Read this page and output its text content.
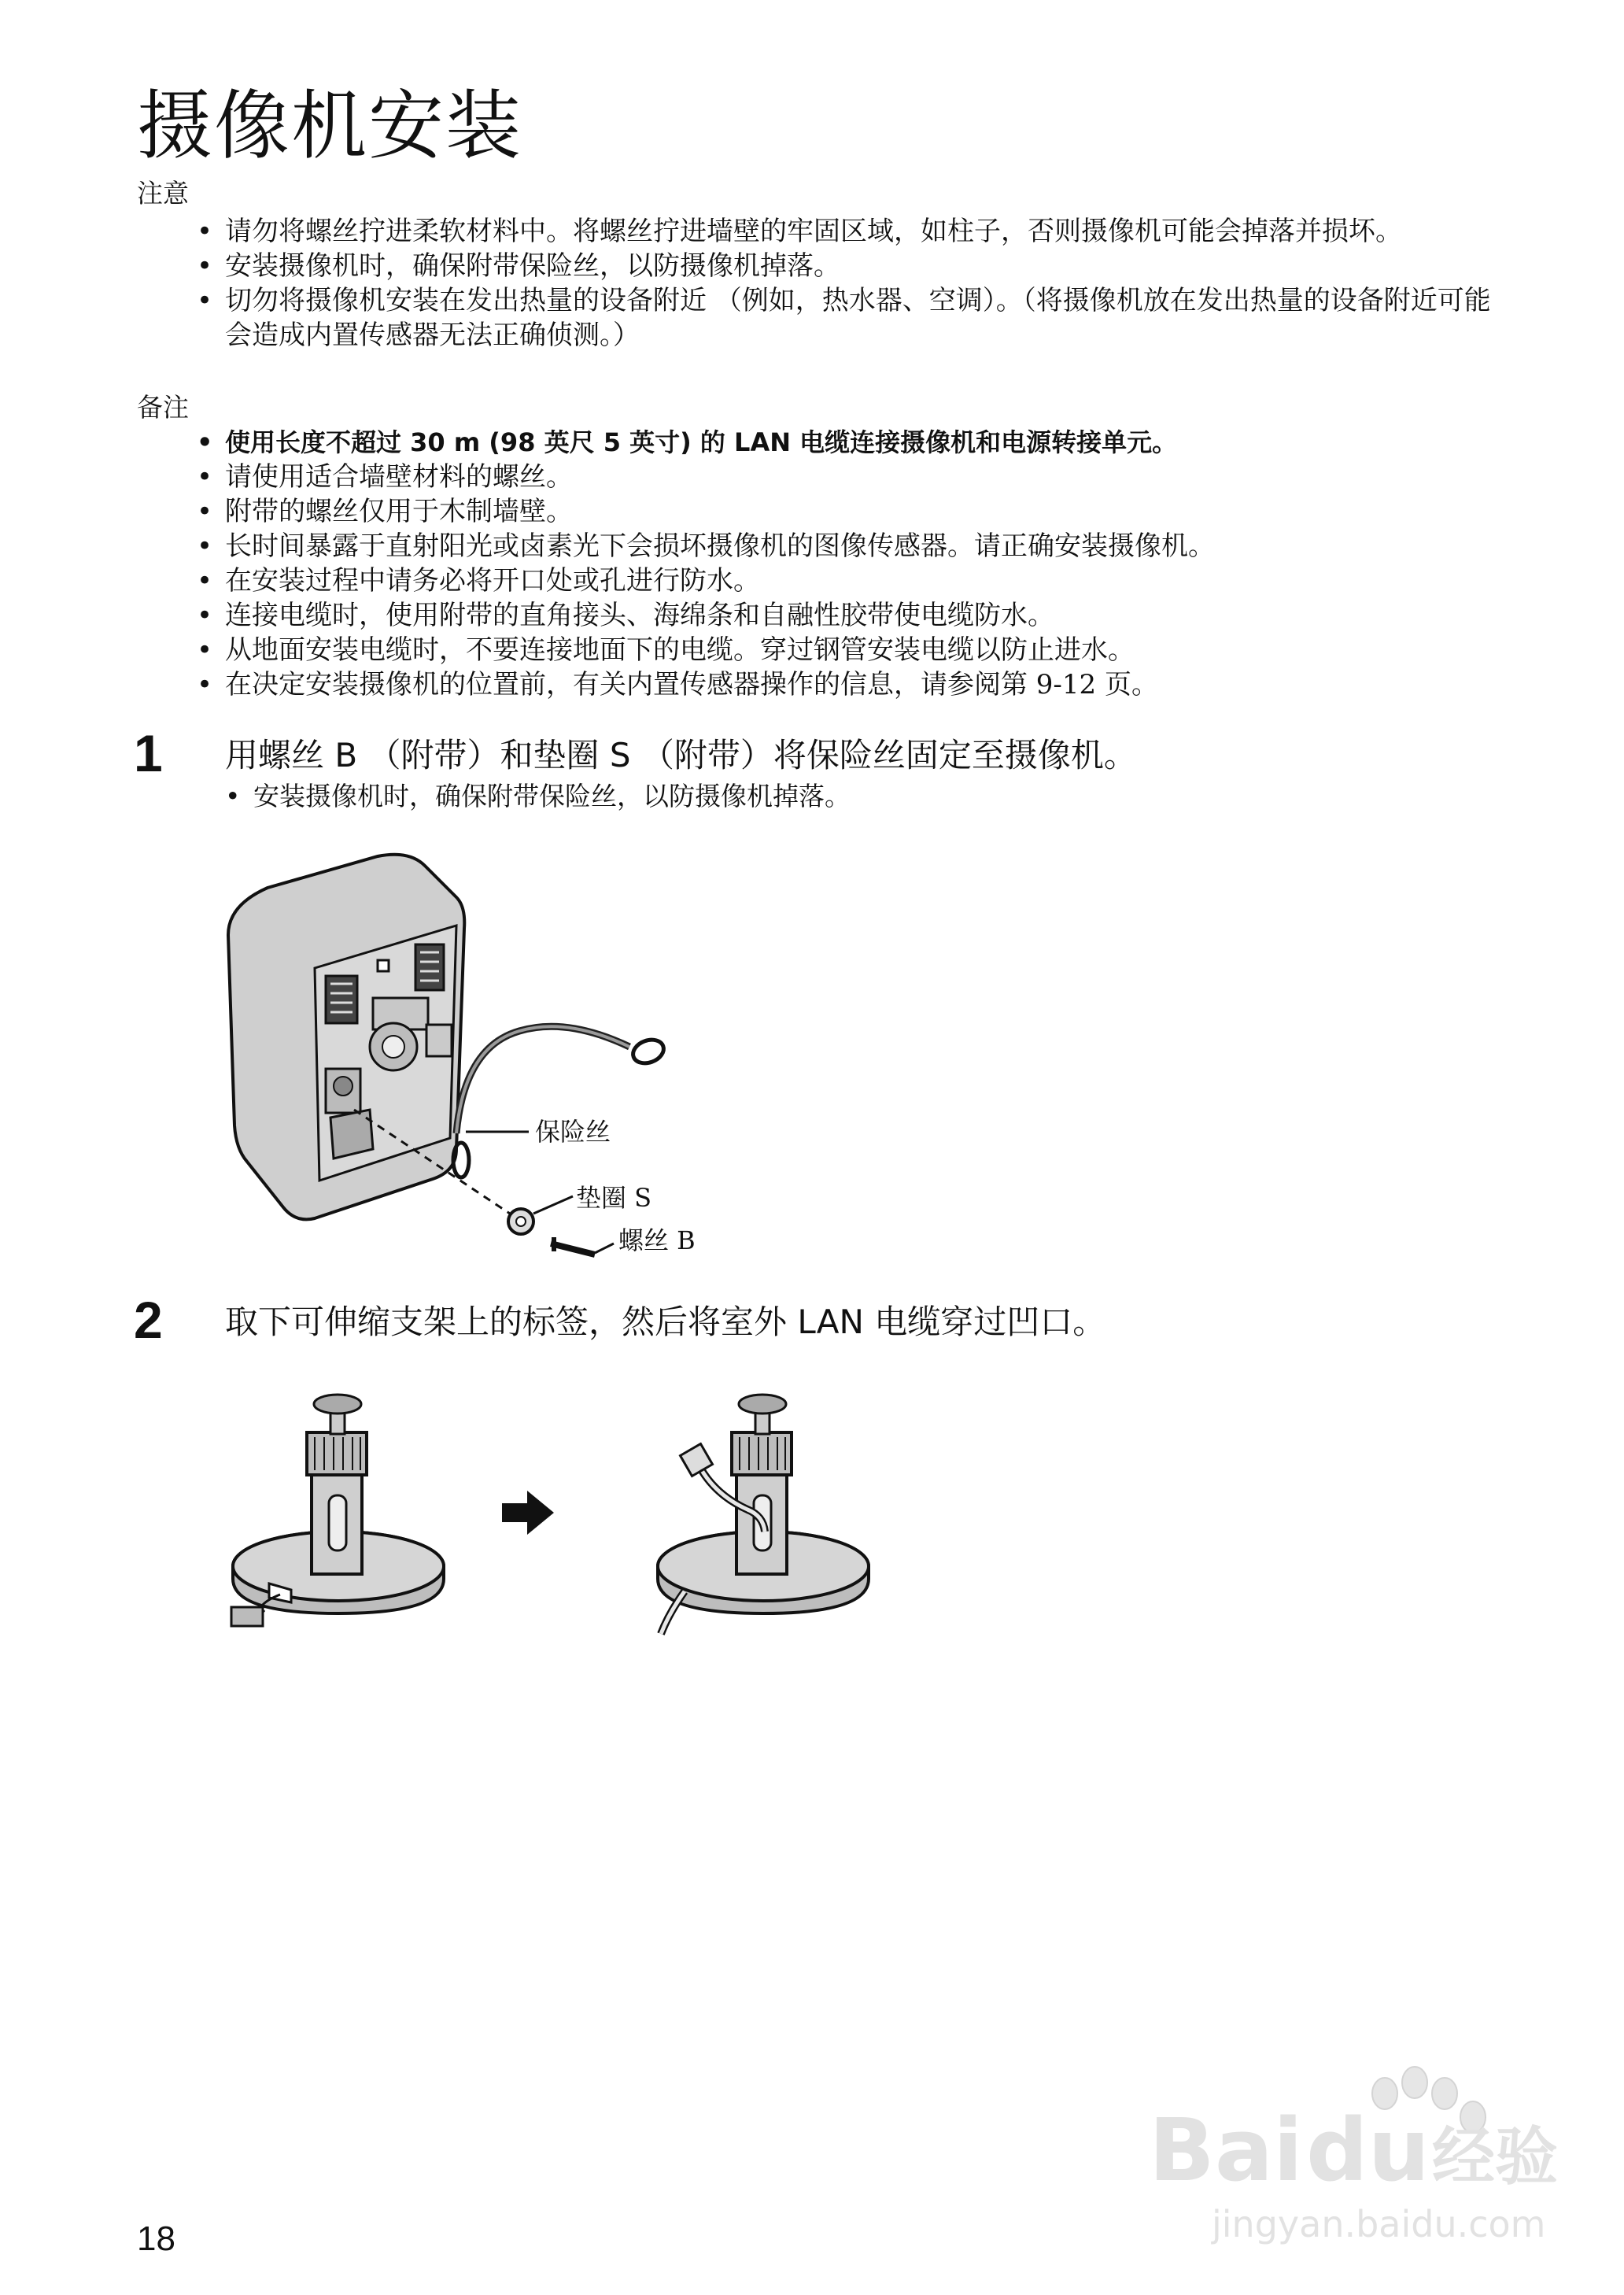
摄像机安装
注意
• 请勿将螺丝拧进柔软材料中。将螺丝拧进墙壁的牢固区域，如柱子，否则摄像机可能会掉落并损坏。
• 安装摄像机时，确保附带保险丝，以防摄像机掉落。
• 切勿将摄像机安装在发出热量的设备附近 （例如，热水器、空调）。（将摄像机放在发出热量的设备附近可能会造成内置传感器无法正确侦测。）
备注
• 使用长度不超过 30 m (98 英尺 5 英寸) 的 LAN 电缆连接摄像机和电源转接单元。
• 请使用适合墙壁材料的螺丝。
• 附带的螺丝仅用于木制墙壁。
• 长时间暴露于直射阳光或卤素光下会损坏摄像机的图像传感器。请正确安装摄像机。
• 在安装过程中请务必将开口处或孔进行防水。
• 连接电缆时，使用附带的直角接头、海绵条和自融性胶带使电缆防水。
• 从地面安装电缆时，不要连接地面下的电缆。穿过钢管安装电缆以防止进水。
• 在决定安装摄像机的位置前，有关内置传感器操作的信息，请参阅第 9-12 页。
1 用螺丝 B （附带）和垫圈 S （附带）将保险丝固定至摄像机。
• 安装摄像机时，确保附带保险丝，以防摄像机掉落。
保险丝
垫圈 S
螺丝 B
2 取下可伸缩支架上的标签，然后将室外 LAN 电缆穿过凹口。
Bai du 经验
jingyan.baidu.com
18
